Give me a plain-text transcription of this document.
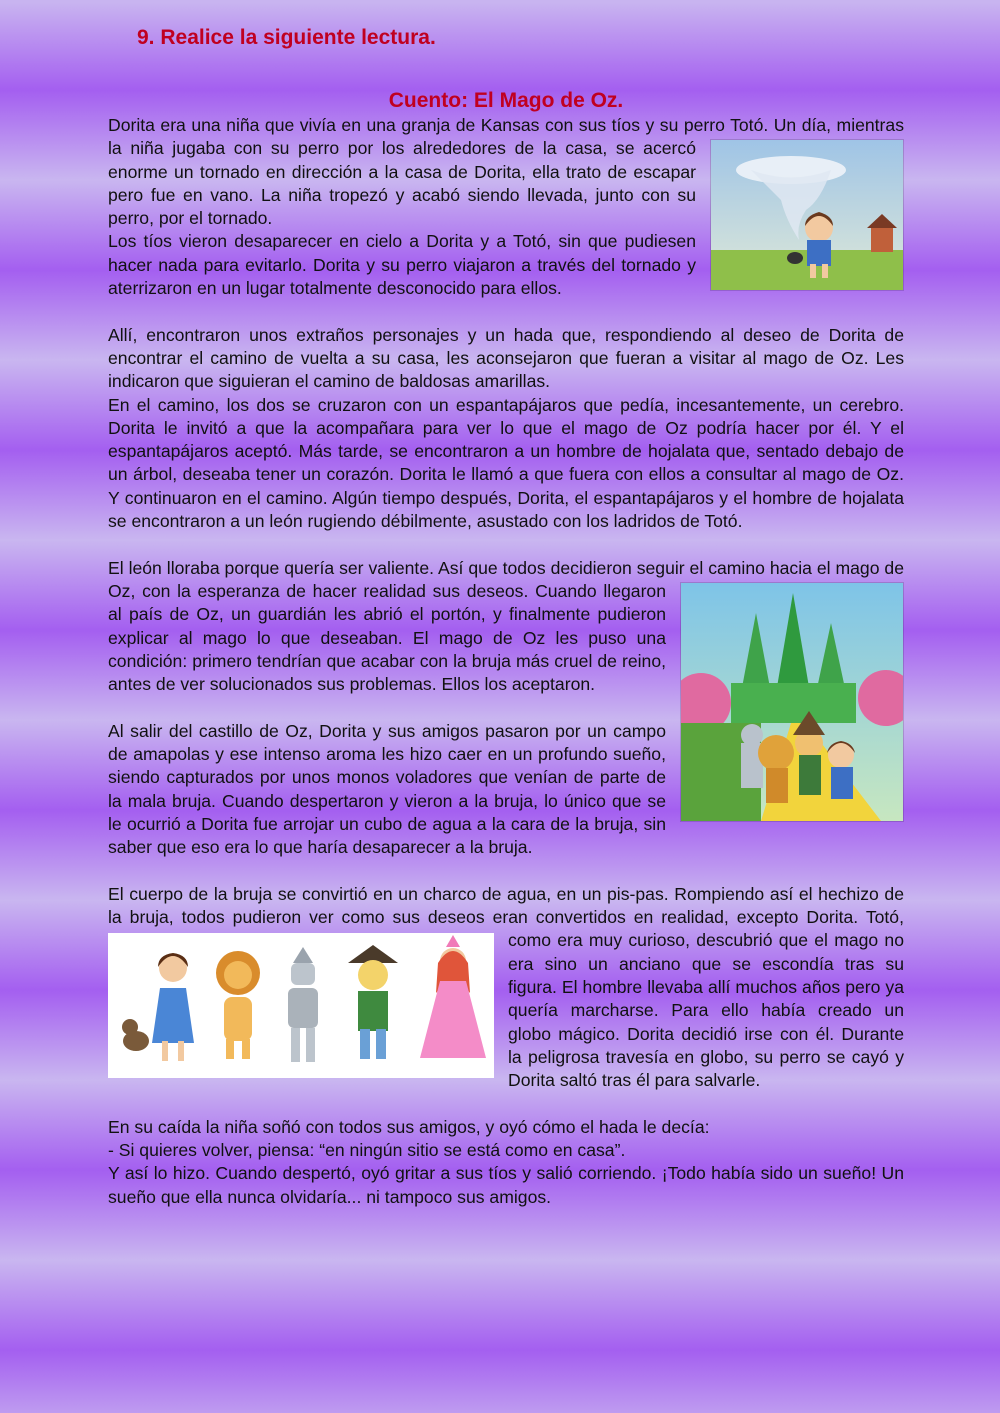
9. Realice la siguiente lectura.
Cuento: El Mago de Oz.

Dorita era una niña que vivía en una granja de Kansas con sus tíos y su perro Totó. Un día, mientras la niña jugaba con su perro por los alrededores de la casa, se acercó
enorme un tornado en dirección a la casa de Dorita, ella trato de escapar pero fue en vano. La niña tropezó y acabó siendo llevada, junto con su perro, por el tornado.

Los tíos vieron desaparecer en cielo a Dorita y a Totó, sin que pudiesen hacer nada para evitarlo. Dorita y su perro viajaron a través del tornado y aterrizaron en un lugar totalmente desconocido para ellos.

Allí, encontraron unos extraños personajes y un hada que, respondiendo al deseo de Dorita de encontrar el camino de vuelta a su casa, les aconsejaron que fueran a visitar al mago de Oz. Les indicaron que siguieran el camino de baldosas amarillas.

En el camino, los dos se cruzaron con un espantapájaros que pedía, incesantemente, un cerebro. Dorita le invitó a que la acompañara para ver lo que el mago de Oz podría hacer por él. Y el espantapájaros aceptó. Más tarde, se encontraron a un hombre de hojalata que, sentado debajo de un árbol, deseaba tener un corazón. Dorita le llamó a que fuera con ellos a consultar al mago de Oz. Y continuaron en el camino. Algún tiempo después, Dorita, el espantapájaros y el hombre de hojalata se encontraron a un león rugiendo débilmente, asustado con los ladridos de Totó.

El león lloraba porque quería ser valiente. Así que todos decidieron seguir el camino
hacia el mago de Oz, con la esperanza de hacer realidad sus deseos. Cuando llegaron al país de Oz, un guardián les abrió el portón, y finalmente pudieron explicar al mago lo que deseaban. El mago de Oz les puso una condición: primero tendrían que acabar con la bruja más cruel de reino, antes de ver solucionados sus problemas. Ellos los aceptaron.

Al salir del castillo de Oz, Dorita y sus amigos pasaron por un campo de amapolas y ese intenso aroma les hizo caer en un profundo sueño, siendo capturados por unos monos voladores que venían de parte de la mala bruja. Cuando despertaron y vieron a la bruja, lo único que se le ocurrió a Dorita fue arrojar un cubo de agua a la cara de la bruja, sin saber que eso era lo que haría desaparecer a la bruja.

El cuerpo de la bruja se convirtió en un charco de agua, en un pis-pas. Rompiendo así el hechizo de la bruja, todos pudieron ver como sus deseos eran convertidos en realidad,
excepto Dorita. Totó, como era muy curioso, descubrió que el mago no era sino un anciano que se escondía tras su figura. El hombre llevaba allí muchos años pero ya quería marcharse. Para ello había creado un globo mágico. Dorita decidió irse con él. Durante la peligrosa travesía en globo, su perro se cayó y Dorita saltó tras él para salvarle.

En su caída la niña soñó con todos sus amigos, y oyó cómo el hada le decía:

- Si quieres volver, piensa: “en ningún sitio se está como en casa”.

Y así lo hizo. Cuando despertó, oyó gritar a sus tíos y salió corriendo. ¡Todo había sido un sueño! Un sueño que ella nunca olvidaría... ni tampoco sus amigos.
